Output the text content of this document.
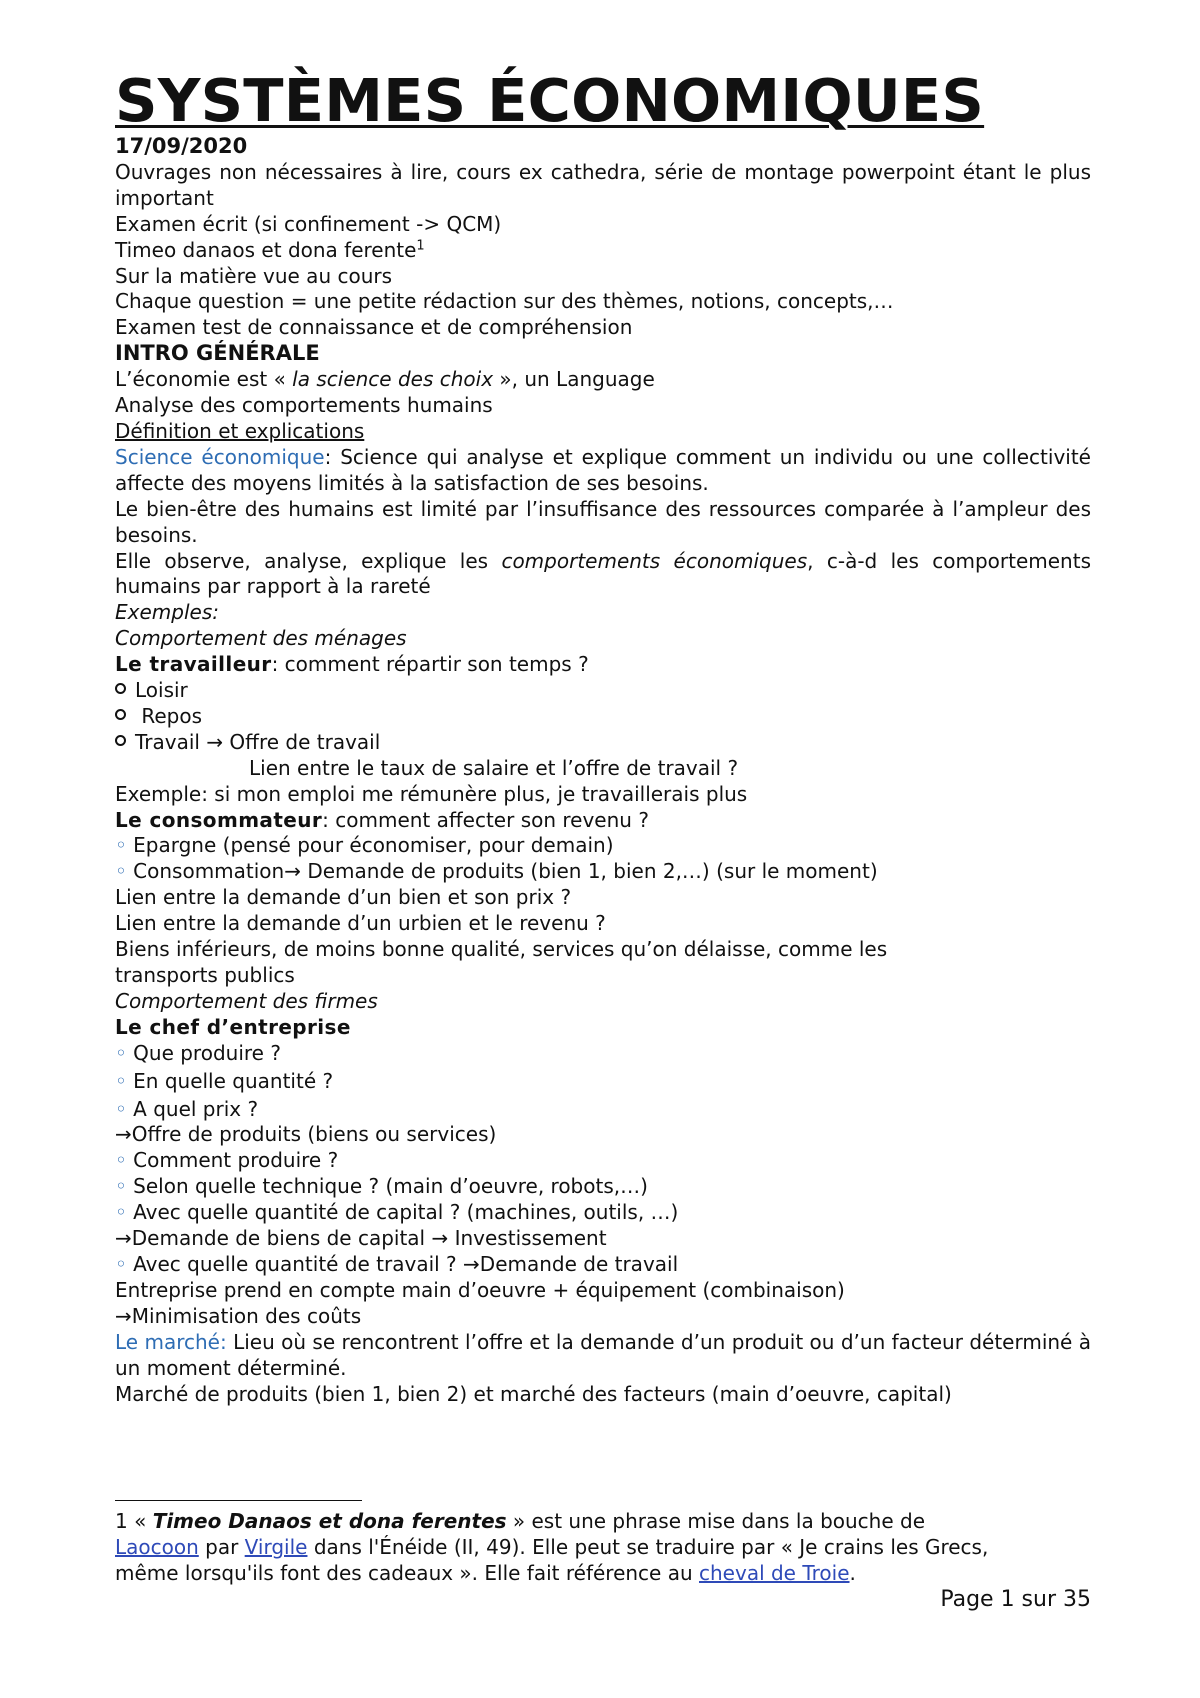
SYSTÈMES ÉCONOMIQUES
17/09/2020
Ouvrages non nécessaires à lire, cours ex cathedra, série de montage powerpoint étant le plus important
Examen écrit (si confinement -> QCM)
Timeo danaos et dona ferente$^1$
Sur la matière vue au cours
Chaque question = une petite rédaction sur des thèmes, notions, concepts,…
Examen test de connaissance et de compréhension
INTRO GÉNÉRALE
L’économie est « la science des choix », un Language
Analyse des comportements humains
Définition et explications
Science économique: Science qui analyse et explique comment un individu ou une collectivité affecte des moyens limités à la satisfaction de ses besoins.
Le bien-être des humains est limité par l’insuffisance des ressources comparée à l’ampleur des besoins.
Elle observe, analyse, explique les comportements économiques, c-à-d les comportements humains par rapport à la rareté
Exemples:
Comportement des ménages
Le travailleur: comment répartir son temps ?
Loisir
Repos
Travail → Offre de travail
Lien entre le taux de salaire et l’offre de travail ?
Exemple: si mon emploi me rémunère plus, je travaillerais plus
Le consommateur: comment affecter son revenu ?
◦ Epargne (pensé pour économiser, pour demain)
◦ Consommation→ Demande de produits (bien 1, bien 2,…) (sur le moment)
Lien entre la demande d’un bien et son prix ?
Lien entre la demande d’un urbien et le revenu ?
Biens inférieurs, de moins bonne qualité, services qu’on délaisse, comme les
transports publics
Comportement des firmes
Le chef d’entreprise
◦ Que produire ?
◦ En quelle quantité ?
◦ A quel prix ?
→Offre de produits (biens ou services)
◦ Comment produire ?
◦ Selon quelle technique ? (main d’oeuvre, robots,…)
◦ Avec quelle quantité de capital ? (machines, outils, …)
→Demande de biens de capital → Investissement
◦ Avec quelle quantité de travail ? →Demande de travail
Entreprise prend en compte main d’oeuvre + équipement (combinaison)
→Minimisation des coûts
Le marché: Lieu où se rencontrent l’offre et la demande d’un produit ou d’un facteur déterminé à un moment déterminé.
Marché de produits (bien 1, bien 2) et marché des facteurs (main d’oeuvre, capital)
1 « Timeo Danaos et dona ferentes » est une phrase mise dans la bouche de
Laocoon par Virgile dans l'Énéide (II, 49). Elle peut se traduire par « Je crains les Grecs,
même lorsqu'ils font des cadeaux ». Elle fait référence au cheval de Troie.
Page 1 sur 35
